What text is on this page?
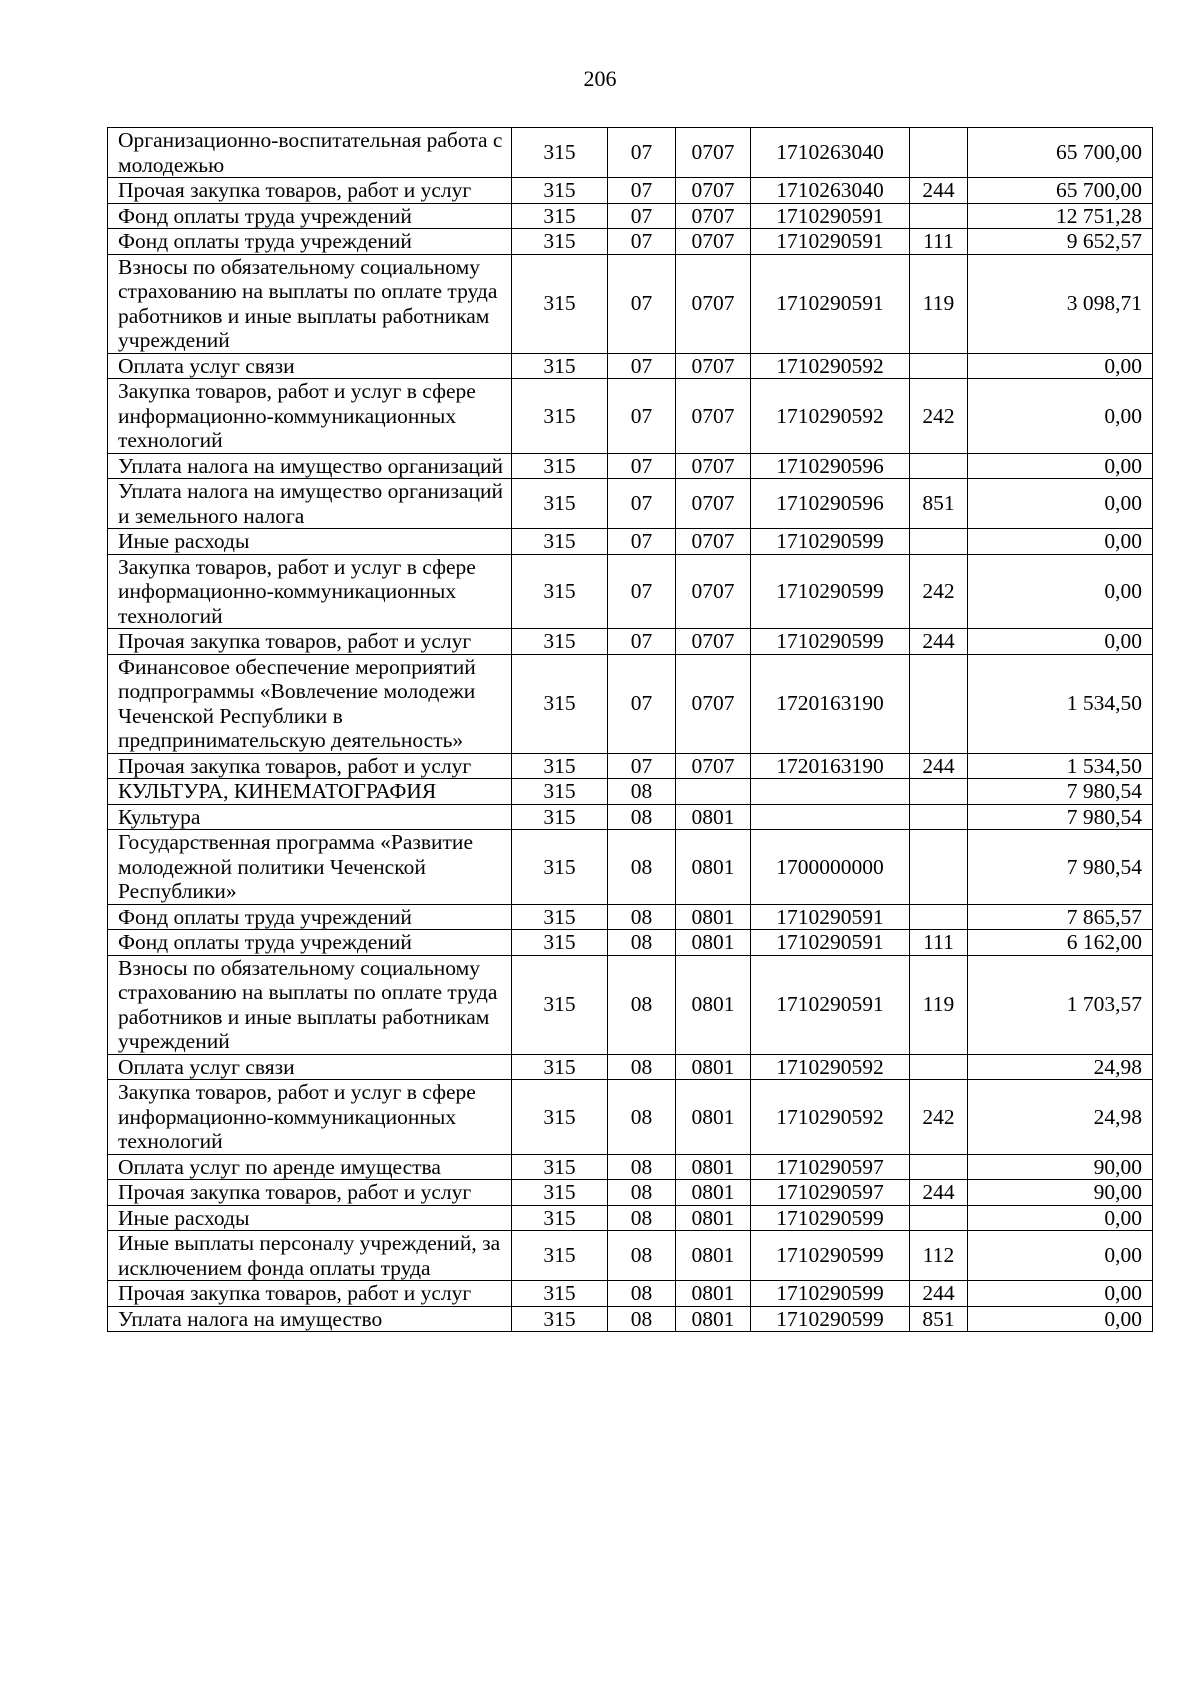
206
Организационно-воспитательная работа с молодежью	315	07	0707	1710263040		65 700,00
Прочая закупка товаров, работ и услуг	315	07	0707	1710263040	244	65 700,00
Фонд оплаты труда учреждений	315	07	0707	1710290591		12 751,28
Фонд оплаты труда учреждений	315	07	0707	1710290591	111	9 652,57
Взносы по обязательному социальному страхованию на выплаты по оплате труда работников и иные выплаты работникам учреждений	315	07	0707	1710290591	119	3 098,71
Оплата услуг связи	315	07	0707	1710290592		0,00
Закупка товаров, работ и услуг в сфере информационно-коммуникационных технологий	315	07	0707	1710290592	242	0,00
Уплата налога на имущество организаций	315	07	0707	1710290596		0,00
Уплата налога на имущество организаций и земельного налога	315	07	0707	1710290596	851	0,00
Иные расходы	315	07	0707	1710290599		0,00
Закупка товаров, работ и услуг в сфере информационно-коммуникационных технологий	315	07	0707	1710290599	242	0,00
Прочая закупка товаров, работ и услуг	315	07	0707	1710290599	244	0,00
Финансовое обеспечение мероприятий подпрограммы «Вовлечение молодежи Чеченской Республики в предпринимательскую деятельность»	315	07	0707	1720163190		1 534,50
Прочая закупка товаров, работ и услуг	315	07	0707	1720163190	244	1 534,50
КУЛЬТУРА, КИНЕМАТОГРАФИЯ	315	08				7 980,54
Культура	315	08	0801			7 980,54
Государственная программа «Развитие молодежной политики Чеченской Республики»	315	08	0801	1700000000		7 980,54
Фонд оплаты труда учреждений	315	08	0801	1710290591		7 865,57
Фонд оплаты труда учреждений	315	08	0801	1710290591	111	6 162,00
Взносы по обязательному социальному страхованию на выплаты по оплате труда работников и иные выплаты работникам учреждений	315	08	0801	1710290591	119	1 703,57
Оплата услуг связи	315	08	0801	1710290592		24,98
Закупка товаров, работ и услуг в сфере информационно-коммуникационных технологий	315	08	0801	1710290592	242	24,98
Оплата услуг по аренде имущества	315	08	0801	1710290597		90,00
Прочая закупка товаров, работ и услуг	315	08	0801	1710290597	244	90,00
Иные расходы	315	08	0801	1710290599		0,00
Иные выплаты персоналу учреждений, за исключением фонда оплаты труда	315	08	0801	1710290599	112	0,00
Прочая закупка товаров, работ и услуг	315	08	0801	1710290599	244	0,00
Уплата налога на имущество	315	08	0801	1710290599	851	0,00
